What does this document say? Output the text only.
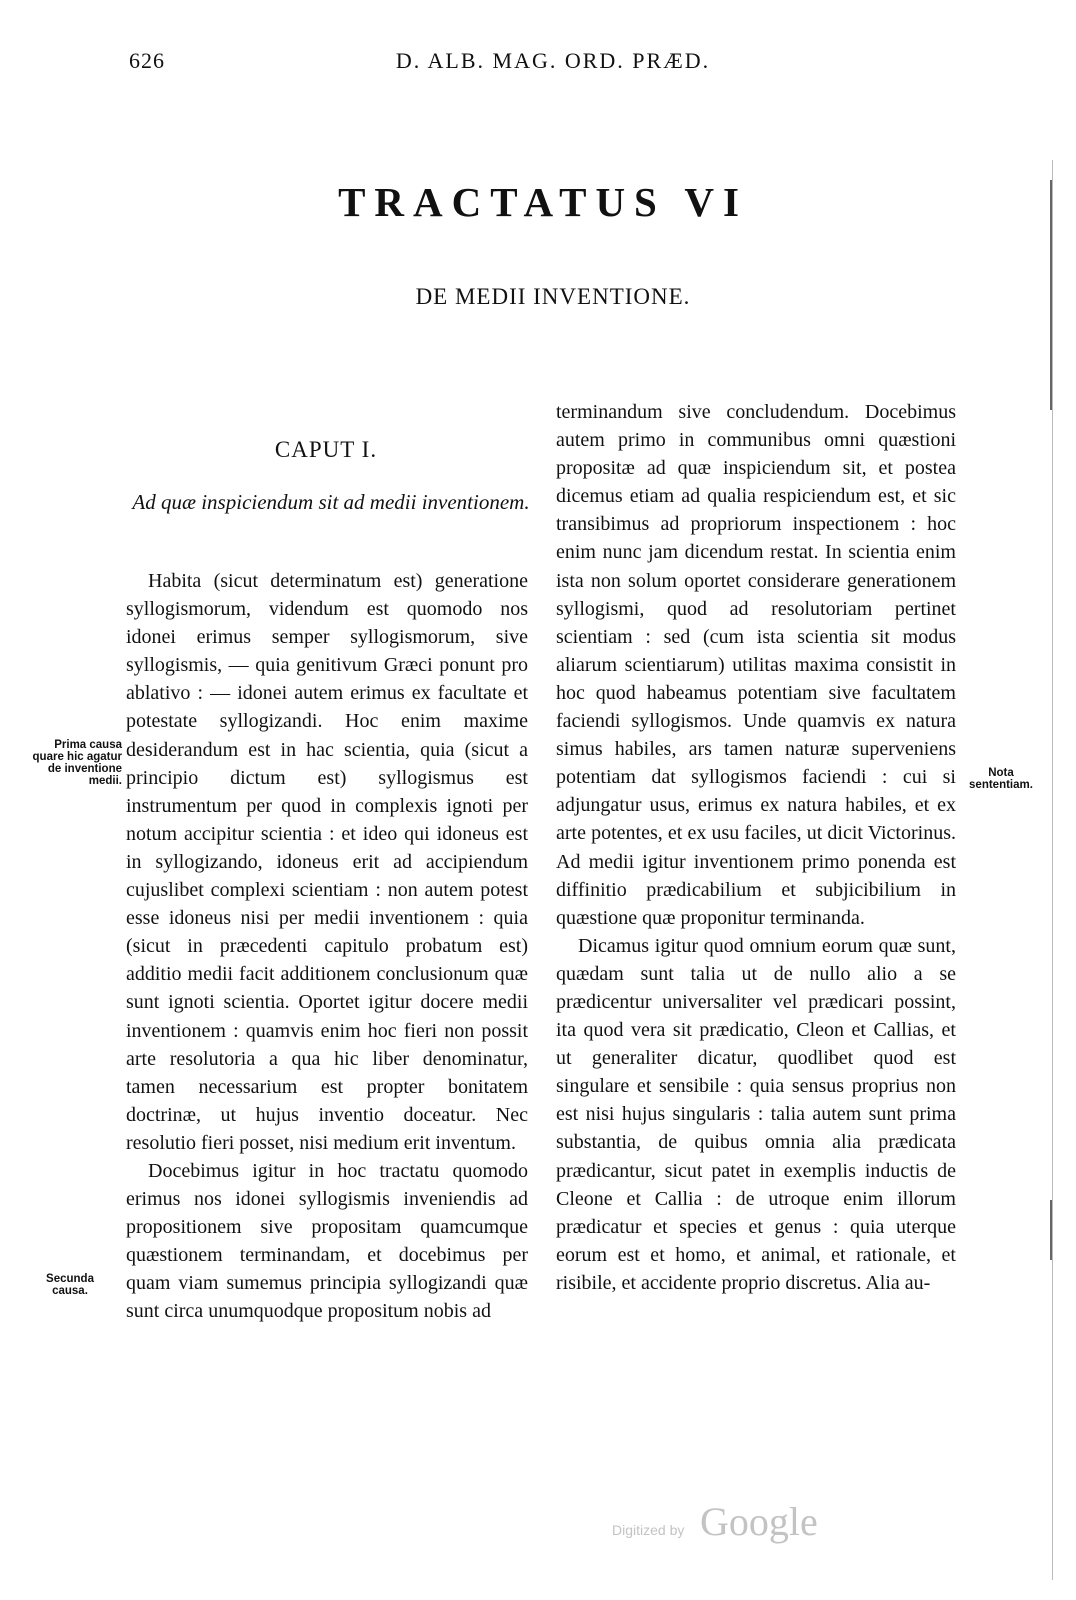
626	D. ALB. MAG. ORD. PRÆD.
TRACTATUS VI
DE MEDII INVENTIONE.
CAPUT I.
Ad quæ inspiciendum sit ad medii inventionem.

Habita (sicut determinatum est) generatione syllogismorum, videndum est quomodo nos idonei erimus semper syllogismorum, sive syllogismis, — quia genitivum Græci ponunt pro ablativo : — idonei autem erimus ex facultate et potestate syllogizandi. Hoc enim maxime desiderandum est in hac scientia, quia (sicut a principio dictum est) syllogismus est instrumentum per quod in complexis ignoti per notum accipitur scientia : et ideo qui idoneus est in syllogizando, idoneus erit ad accipiendum cujuslibet complexi scientiam : non autem potest esse idoneus nisi per medii inventionem : quia (sicut in præcedenti capitulo probatum est) additio medii facit additionem conclusionum quæ sunt ignoti scientia. Oportet igitur docere medii inventionem : quamvis enim hoc fieri non possit arte resolutoria a qua hic liber denominatur, tamen necessarium est propter bonitatem doctrinæ, ut hujus inventio doceatur. Nec resolutio fieri posset, nisi medium erit inventum.

Docebimus igitur in hoc tractatu quomodo erimus nos idonei syllogismis inveniendis ad propositionem sive propositam quamcumque quæstionem terminandam, et docebimus per quam viam sumemus principia syllogizandi quæ sunt circa unumquodque propositum nobis ad

terminandum sive concludendum. Docebimus autem primo in communibus omni quæstioni propositæ ad quæ inspiciendum sit, et postea dicemus etiam ad qualia respiciendum est, et sic transibimus ad propriorum inspectionem : hoc enim nunc jam dicendum restat. In scientia enim ista non solum oportet considerare generationem syllogismi, quod ad resolutoriam pertinet scientiam : sed (cum ista scientia sit modus aliarum scientiarum) utilitas maxima consistit in hoc quod habeamus potentiam sive facultatem faciendi syllogismos. Unde quamvis ex natura simus habiles, ars tamen naturæ superveniens potentiam dat syllogismos faciendi : cui si adjungatur usus, erimus ex natura habiles, et ex arte potentes, et ex usu faciles, ut dicit Victorinus. Ad medii igitur inventionem primo ponenda est diffinitio prædicabilium et subjicibilium in quæstione quæ proponitur terminanda.

Dicamus igitur quod omnium eorum quæ sunt, quædam sunt talia ut de nullo alio a se prædicentur universaliter vel prædicari possint, ita quod vera sit prædicatio, Cleon et Callias, et ut generaliter dicatur, quodlibet quod est singulare et sensibile : quia sensus proprius non est nisi hujus singularis : talia autem sunt prima substantia, de quibus omnia alia prædicata prædicantur, sicut patet in exemplis inductis de Cleone et Callia : de utroque enim illorum prædicatur et species et genus : quia uterque eorum est et homo, et animal, et rationale, et risibile, et accidente proprio discretus. Alia au-

Prima causa quare hic agatur de inventione medii.
Secunda causa.
Nota sententiam.
Digitized by Google
